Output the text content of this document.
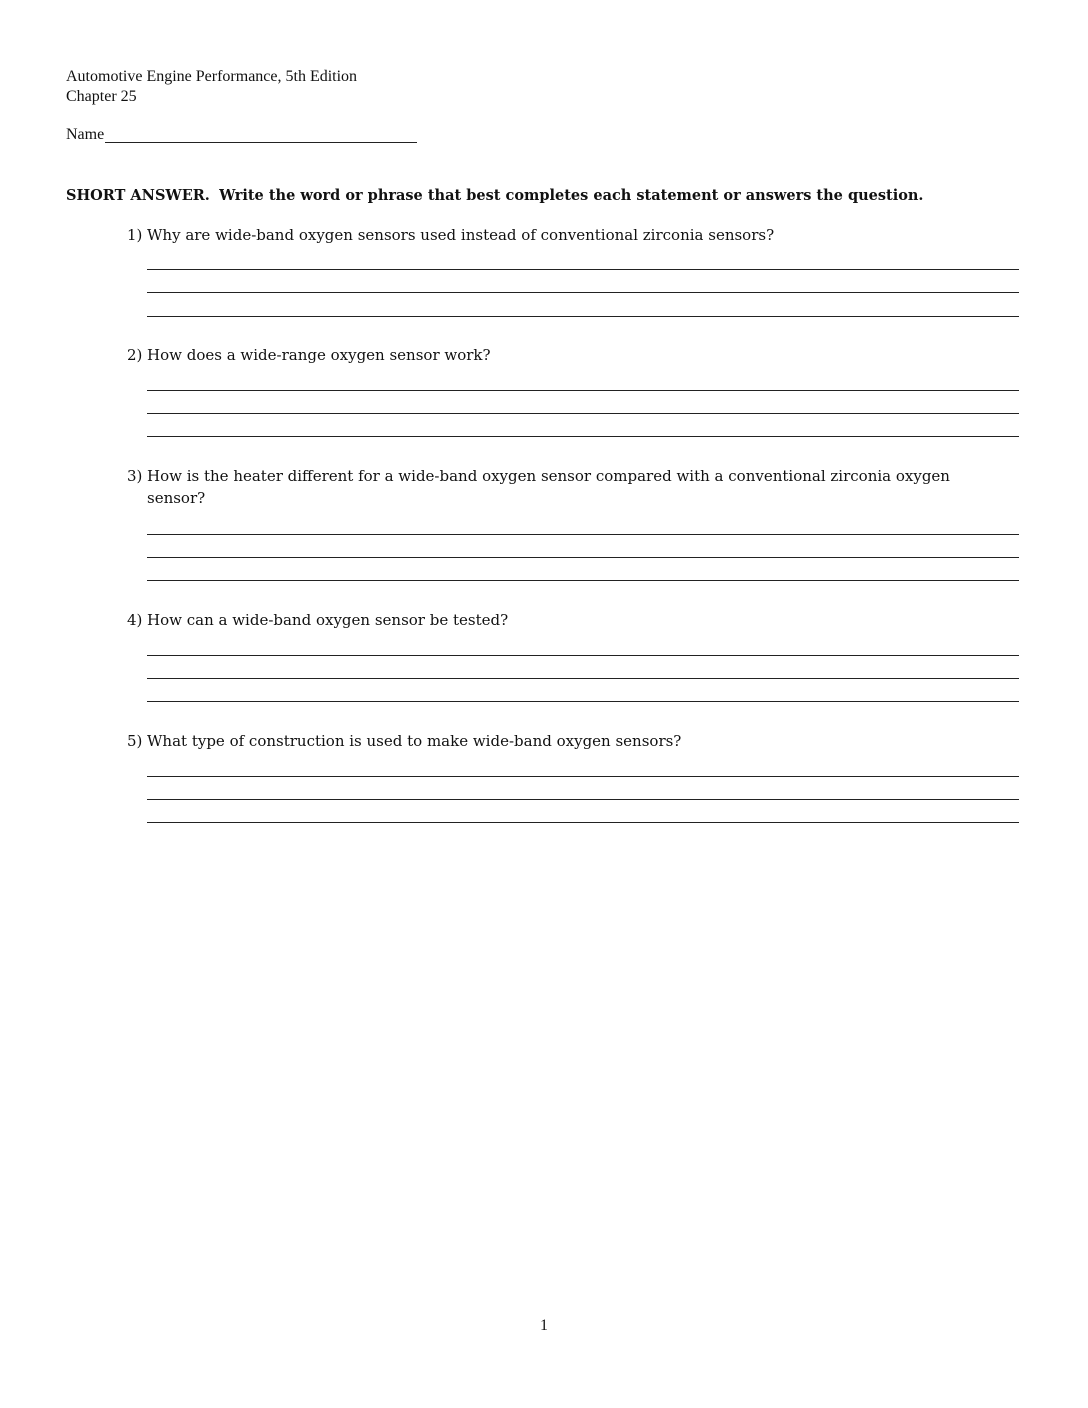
Automotive Engine Performance, 5th Edition
Chapter 25
Name
SHORT ANSWER. Write the word or phrase that best completes each statement or answers the question.
1) Why are wide-band oxygen sensors used instead of conventional zirconia sensors?
2) How does a wide-range oxygen sensor work?
3) How is the heater different for a wide-band oxygen sensor compared with a conventional zirconia oxygen sensor?
4) How can a wide-band oxygen sensor be tested?
5) What type of construction is used to make wide-band oxygen sensors?
1
